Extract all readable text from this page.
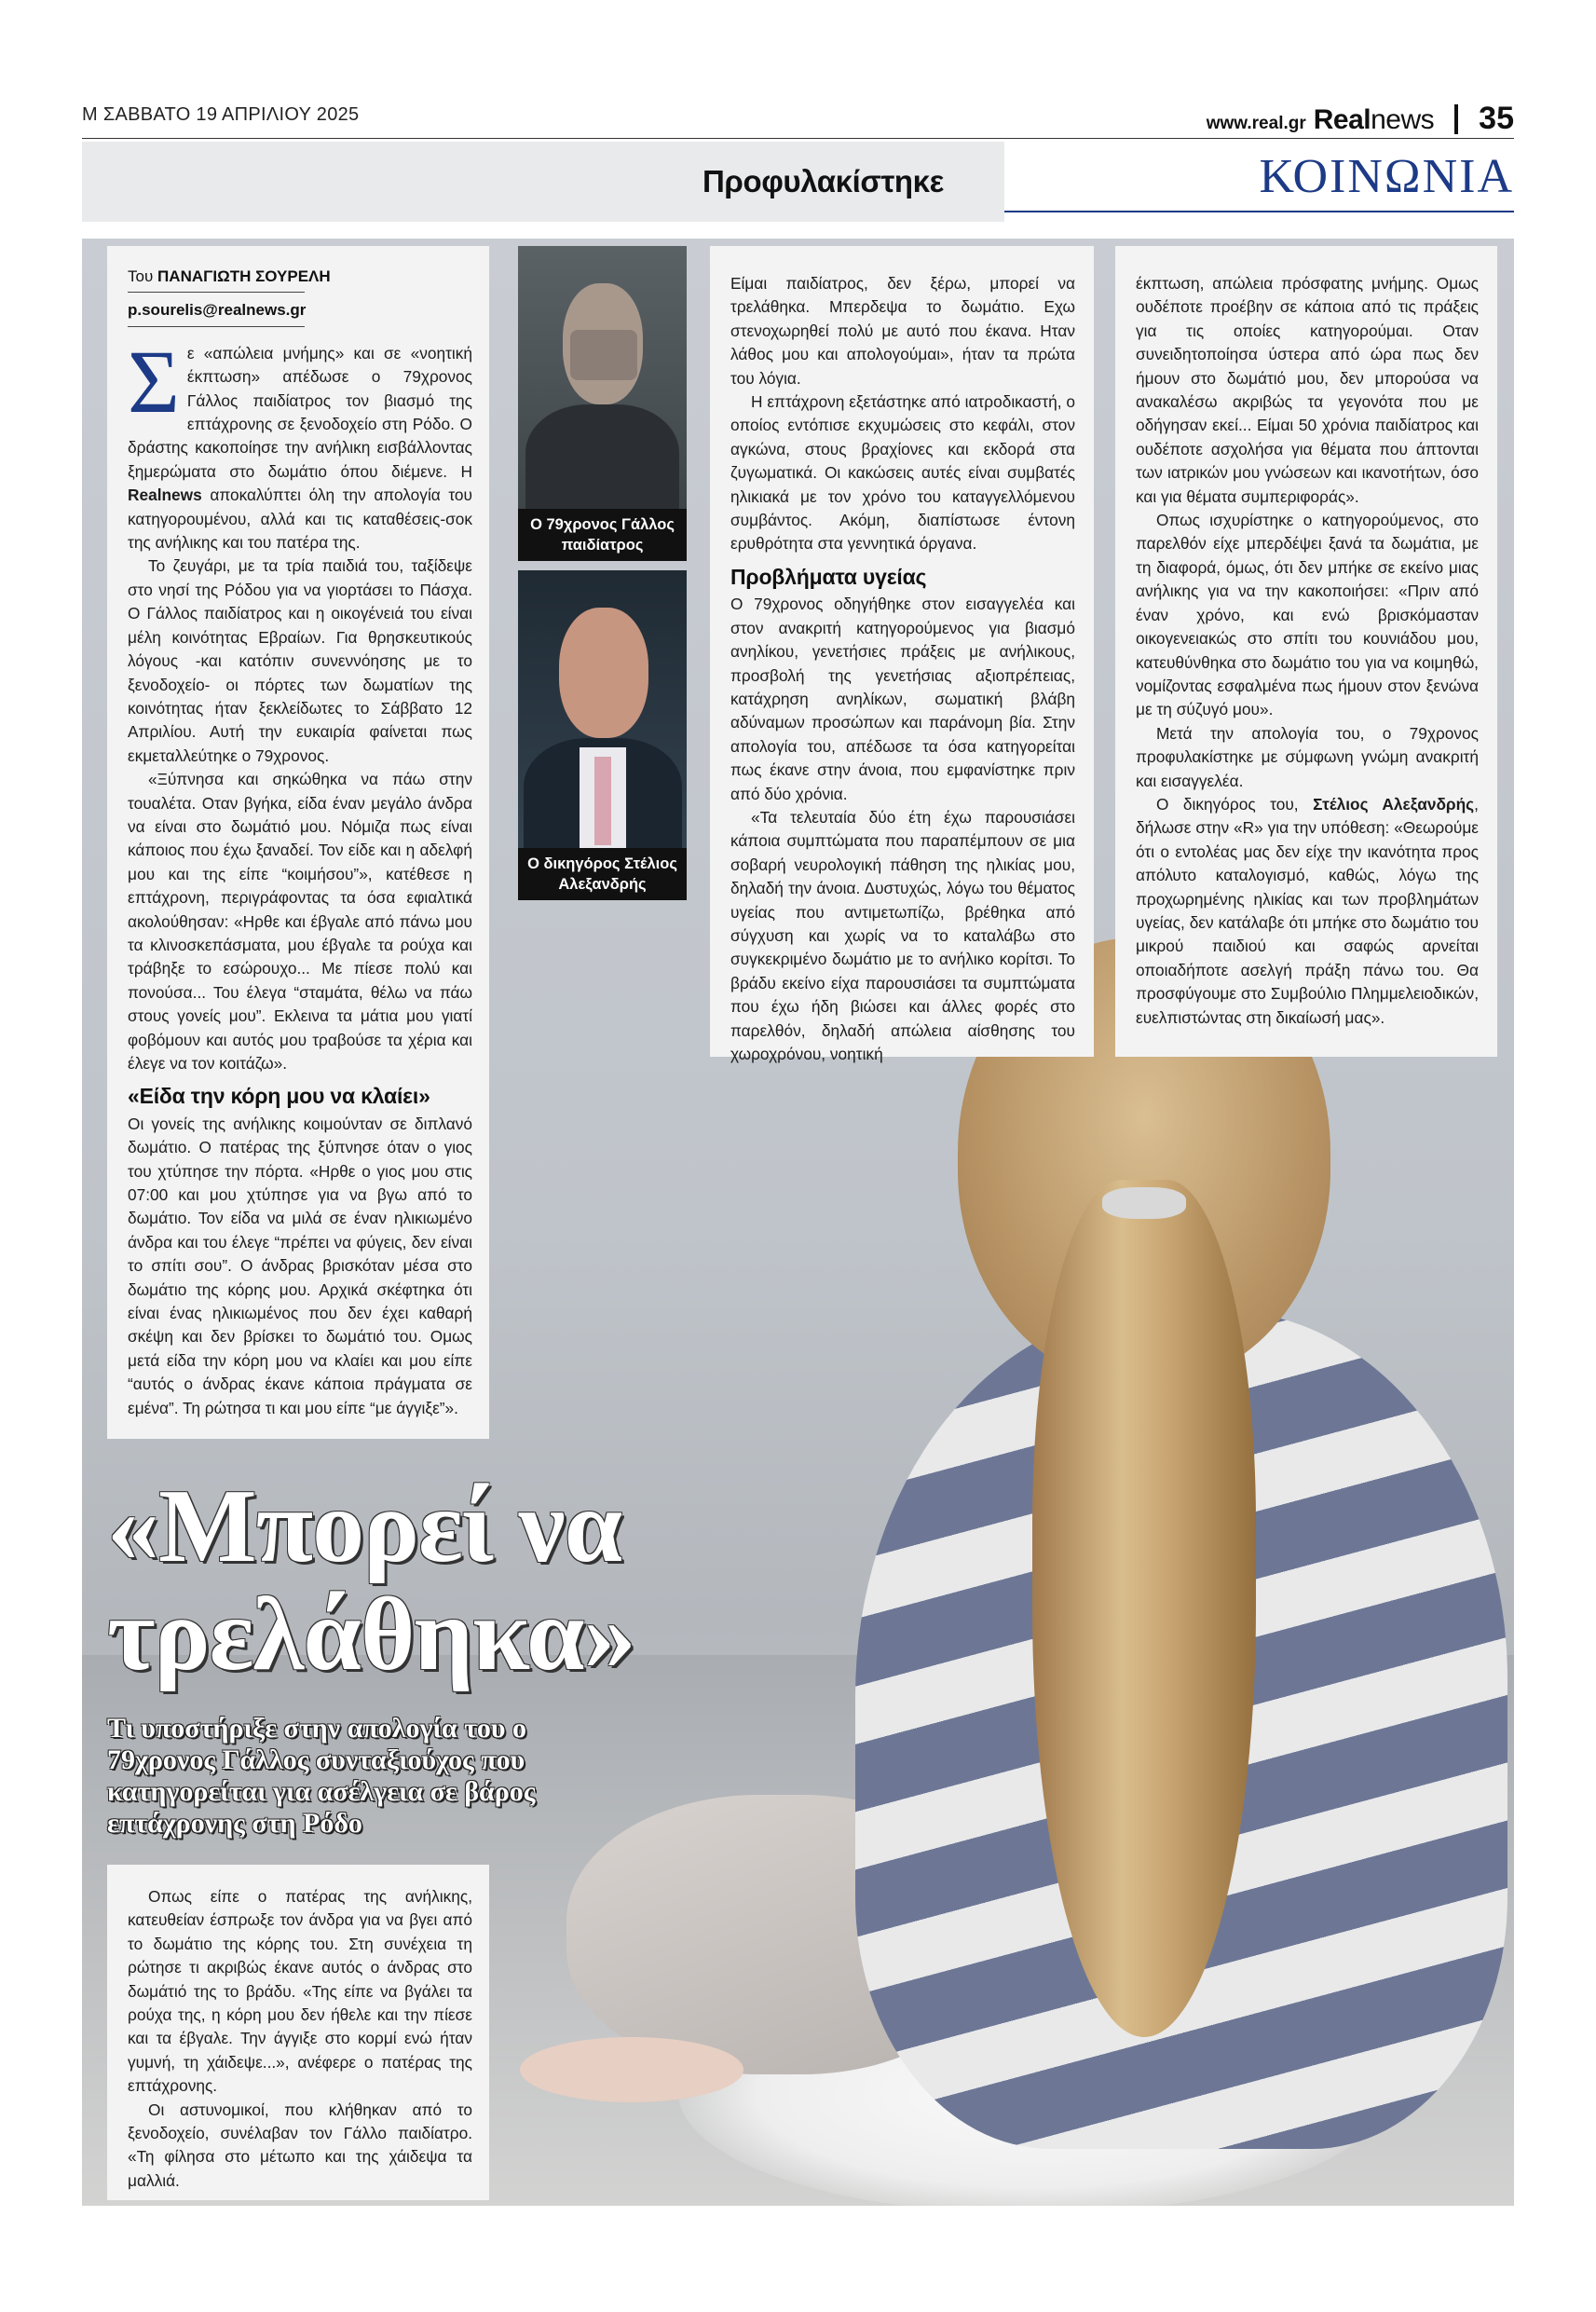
Μ ΣΑΒΒΑΤΟ 19 ΑΠΡΙΛΙΟΥ 2025	www.real.gr Realnews 35
Προφυλακίστηκε	ΚΟΙΝΩΝΙΑ
Του ΠΑΝΑΓΙΩΤΗ ΣΟΥΡΕΛΗ
p.sourelis@realnews.gr

Σε «απώλεια μνήμης» και σε «νοητική έκπτωση» απέδωσε ο 79χρονος Γάλλος παιδίατρος τον βιασμό της επτάχρονης σε ξενοδοχείο στη Ρόδο. Ο δράστης κακοποίησε την ανήλικη εισβάλλοντας ξημερώματα στο δωμάτιο όπου διέμενε. Η Realnews αποκαλύπτει όλη την απολογία του κατηγορουμένου, αλλά και τις καταθέσεις-σοκ της ανήλικης και του πατέρα της.

Το ζευγάρι, με τα τρία παιδιά του, ταξίδεψε στο νησί της Ρόδου για να γιορτάσει το Πάσχα. Ο Γάλλος παιδίατρος και η οικογένειά του είναι μέλη κοινότητας Εβραίων. Για θρησκευτικούς λόγους -και κατόπιν συνεννόησης με το ξενοδοχείο- οι πόρτες των δωματίων της κοινότητας ήταν ξεκλείδωτες το Σάββατο 12 Απριλίου. Αυτή την ευκαιρία φαίνεται πως εκμεταλλεύτηκε ο 79χρονος.

«Ξύπνησα και σηκώθηκα να πάω στην τουαλέτα. Οταν βγήκα, είδα έναν μεγάλο άνδρα να είναι στο δωμάτιό μου. Νόμιζα πως είναι κάποιος που έχω ξαναδεί. Τον είδε και η αδελφή μου και της είπε “κοιμήσου”», κατέθεσε η επτάχρονη, περιγράφοντας τα όσα εφιαλτικά ακολούθησαν: «Ηρθε και έβγαλε από πάνω μου τα κλινοσκεπάσματα, μου έβγαλε τα ρούχα και τράβηξε το εσώρουχο... Με πίεσε πολύ και πονούσα... Του έλεγα “σταμάτα, θέλω να πάω στους γονείς μου”. Εκλεινα τα μάτια μου γιατί φοβόμουν και αυτός μου τραβούσε τα χέρια και έλεγε να τον κοιτάζω».

«Είδα την κόρη μου να κλαίει»

Οι γονείς της ανήλικης κοιμούνταν σε διπλανό δωμάτιο. Ο πατέρας της ξύπνησε όταν ο γιος του χτύπησε την πόρτα. «Ηρθε ο γιος μου στις 07:00 και μου χτύπησε για να βγω από το δωμάτιο. Τον είδα να μιλά σε έναν ηλικιωμένο άνδρα και του έλεγε “πρέπει να φύγεις, δεν είναι το σπίτι σου”. Ο άνδρας βρισκόταν μέσα στο δωμάτιο της κόρης μου. Αρχικά σκέφτηκα ότι είναι ένας ηλικιωμένος που δεν έχει καθαρή σκέψη και δεν βρίσκει το δωμάτιό του. Ομως μετά είδα την κόρη μου να κλαίει και μου είπε “αυτός ο άνδρας έκανε κάποια πράγματα σε εμένα”. Τη ρώτησα τι και μου είπε “με άγγιξε”».

Ο 79χρονος Γάλλος παιδίατρος
Ο δικηγόρος Στέλιος Αλεξανδρής

Είμαι παιδίατρος, δεν ξέρω, μπορεί να τρελάθηκα. Μπερδεψα το δωμάτιο. Εχω στενοχωρηθεί πολύ με αυτό που έκανα. Ηταν λάθος μου και απολογούμαι», ήταν τα πρώτα του λόγια.

Η επτάχρονη εξετάστηκε από ιατροδικαστή, ο οποίος εντόπισε εκχυμώσεις στο κεφάλι, στον αγκώνα, στους βραχίονες και εκδορά στα ζυγωματικά. Οι κακώσεις αυτές είναι συμβατές ηλικιακά με τον χρόνο του καταγγελλόμενου συμβάντος. Ακόμη, διαπίστωσε έντονη ερυθρότητα στα γεννητικά όργανα.

Προβλήματα υγείας

Ο 79χρονος οδηγήθηκε στον εισαγγελέα και στον ανακριτή κατηγορούμενος για βιασμό ανηλίκου, γενετήσιες πράξεις με ανήλικους, προσβολή της γενετήσιας αξιοπρέπειας, κατάχρηση ανηλίκων, σωματική βλάβη αδύναμων προσώπων και παράνομη βία. Στην απολογία του, απέδωσε τα όσα κατηγορείται πως έκανε στην άνοια, που εμφανίστηκε πριν από δύο χρόνια.

«Τα τελευταία δύο έτη έχω παρουσιάσει κάποια συμπτώματα που παραπέμπουν σε μια σοβαρή νευρολογική πάθηση της ηλικίας μου, δηλαδή την άνοια. Δυστυχώς, λόγω του θέματος υγείας που αντιμετωπίζω, βρέθηκα από σύγχυση και χωρίς να το καταλάβω στο συγκεκριμένο δωμάτιο με το ανήλικο κορίτσι. Το βράδυ εκείνο είχα παρουσιάσει τα συμπτώματα που έχω ήδη βιώσει και άλλες φορές στο παρελθόν, δηλαδή απώλεια αίσθησης του χωροχρόνου, νοητική

έκπτωση, απώλεια πρόσφατης μνήμης. Ομως ουδέποτε προέβην σε κάποια από τις πράξεις για τις οποίες κατηγορούμαι. Οταν συνειδητοποίησα ύστερα από ώρα πως δεν ήμουν στο δωμάτιό μου, δεν μπορούσα να ανακαλέσω ακριβώς τα γεγονότα που με οδήγησαν εκεί... Είμαι 50 χρόνια παιδίατρος και ουδέποτε ασχολήσα για θέματα που άπτονται των ιατρικών μου γνώσεων και ικανοτήτων, όσο και για θέματα συμπεριφοράς».

Οπως ισχυρίστηκε ο κατηγορούμενος, στο παρελθόν είχε μπερδέψει ξανά τα δωμάτια, με τη διαφορά, όμως, ότι δεν μπήκε σε εκείνο μιας ανήλικης για να την κακοποιήσει: «Πριν από έναν χρόνο, και ενώ βρισκόμασταν οικογενειακώς στο σπίτι του κουνιάδου μου, κατευθύνθηκα στο δωμάτιο του για να κοιμηθώ, νομίζοντας εσφαλμένα πως ήμουν στον ξενώνα με τη σύζυγό μου».

Μετά την απολογία του, ο 79χρονος προφυλακίστηκε με σύμφωνη γνώμη ανακριτή και εισαγγελέα.

Ο δικηγόρος του, Στέλιος Αλεξανδρής, δήλωσε στην «R» για την υπόθεση: «Θεωρούμε ότι ο εντολέας μας δεν είχε την ικανότητα προς απόλυτο καταλογισμό, καθώς, λόγω της προχωρημένης ηλικίας και των προβλημάτων υγείας, δεν κατάλαβε ότι μπήκε στο δωμάτιο του μικρού παιδιού και σαφώς αρνείται οποιαδήποτε ασελγή πράξη πάνω του. Θα προσφύγουμε στο Συμβούλιο Πλημμελειοδικών, ευελπιστώντας στη δικαίωσή μας».

«Μπορεί να
τρελάθηκα»
Τι υποστήριξε στην απολογία του ο 79χρονος Γάλλος συνταξιούχος που κατηγορείται για ασέλγεια σε βάρος επτάχρονης στη Ρόδο

Οπως είπε ο πατέρας της ανήλικης, κατευθείαν έσπρωξε τον άνδρα για να βγει από το δωμάτιο της κόρης του. Στη συνέχεια τη ρώτησε τι ακριβώς έκανε αυτός ο άνδρας στο δωμάτιό της το βράδυ. «Της είπε να βγάλει τα ρούχα της, η κόρη μου δεν ήθελε και την πίεσε και τα έβγαλε. Την άγγιξε στο κορμί ενώ ήταν γυμνή, τη χάιδεψε...», ανέφερε ο πατέρας της επτάχρονης.

Οι αστυνομικοί, που κλήθηκαν από το ξενοδοχείο, συνέλαβαν τον Γάλλο παιδίατρο. «Τη φίλησα στο μέτωπο και της χάιδεψα τα μαλλιά.
